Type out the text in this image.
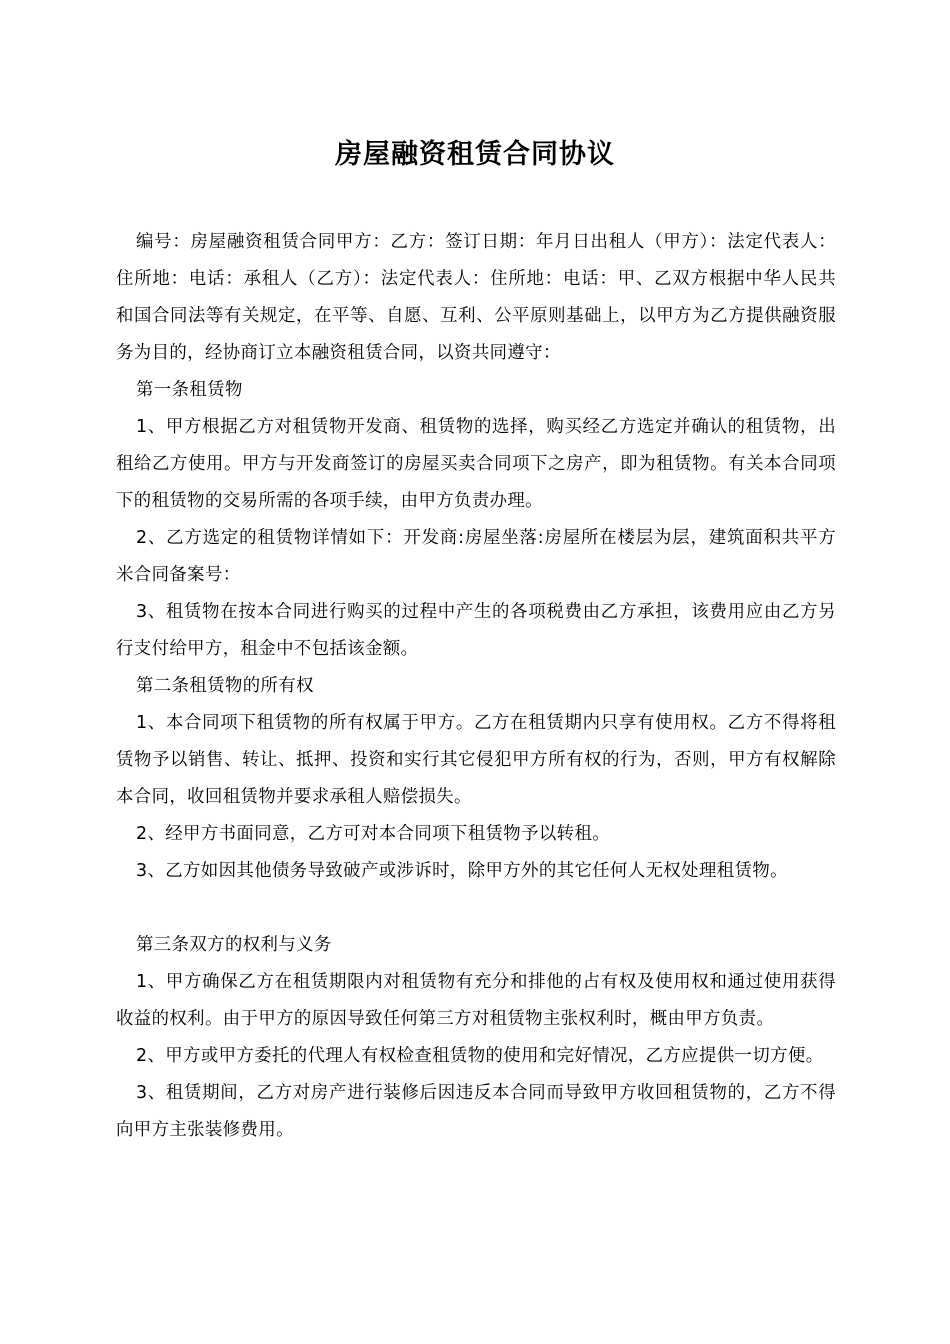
房屋融资租赁合同协议

编号：房屋融资租赁合同甲方：乙方：签订日期：年月日出租人（甲方）：法定代表人：住所地：电话：承租人（乙方）：法定代表人：住所地：电话：甲、乙双方根据中华人民共和国合同法等有关规定，在平等、自愿、互利、公平原则基础上，以甲方为乙方提供融资服务为目的，经协商订立本融资租赁合同，以资共同遵守：

第一条租赁物

1、甲方根据乙方对租赁物开发商、租赁物的选择，购买经乙方选定并确认的租赁物，出租给乙方使用。甲方与开发商签订的房屋买卖合同项下之房产，即为租赁物。有关本合同项下的租赁物的交易所需的各项手续，由甲方负责办理。

2、乙方选定的租赁物详情如下：开发商:房屋坐落:房屋所在楼层为层，建筑面积共平方米合同备案号：

3、租赁物在按本合同进行购买的过程中产生的各项税费由乙方承担，该费用应由乙方另行支付给甲方，租金中不包括该金额。

第二条租赁物的所有权

1、本合同项下租赁物的所有权属于甲方。乙方在租赁期内只享有使用权。乙方不得将租赁物予以销售、转让、抵押、投资和实行其它侵犯甲方所有权的行为，否则，甲方有权解除本合同，收回租赁物并要求承租人赔偿损失。

2、经甲方书面同意，乙方可对本合同项下租赁物予以转租。

3、乙方如因其他债务导致破产或涉诉时，除甲方外的其它任何人无权处理租赁物。

第三条双方的权利与义务

1、甲方确保乙方在租赁期限内对租赁物有充分和排他的占有权及使用权和通过使用获得收益的权利。由于甲方的原因导致任何第三方对租赁物主张权利时，概由甲方负责。

2、甲方或甲方委托的代理人有权检查租赁物的使用和完好情况，乙方应提供一切方便。

3、租赁期间，乙方对房产进行装修后因违反本合同而导致甲方收回租赁物的，乙方不得向甲方主张装修费用。
